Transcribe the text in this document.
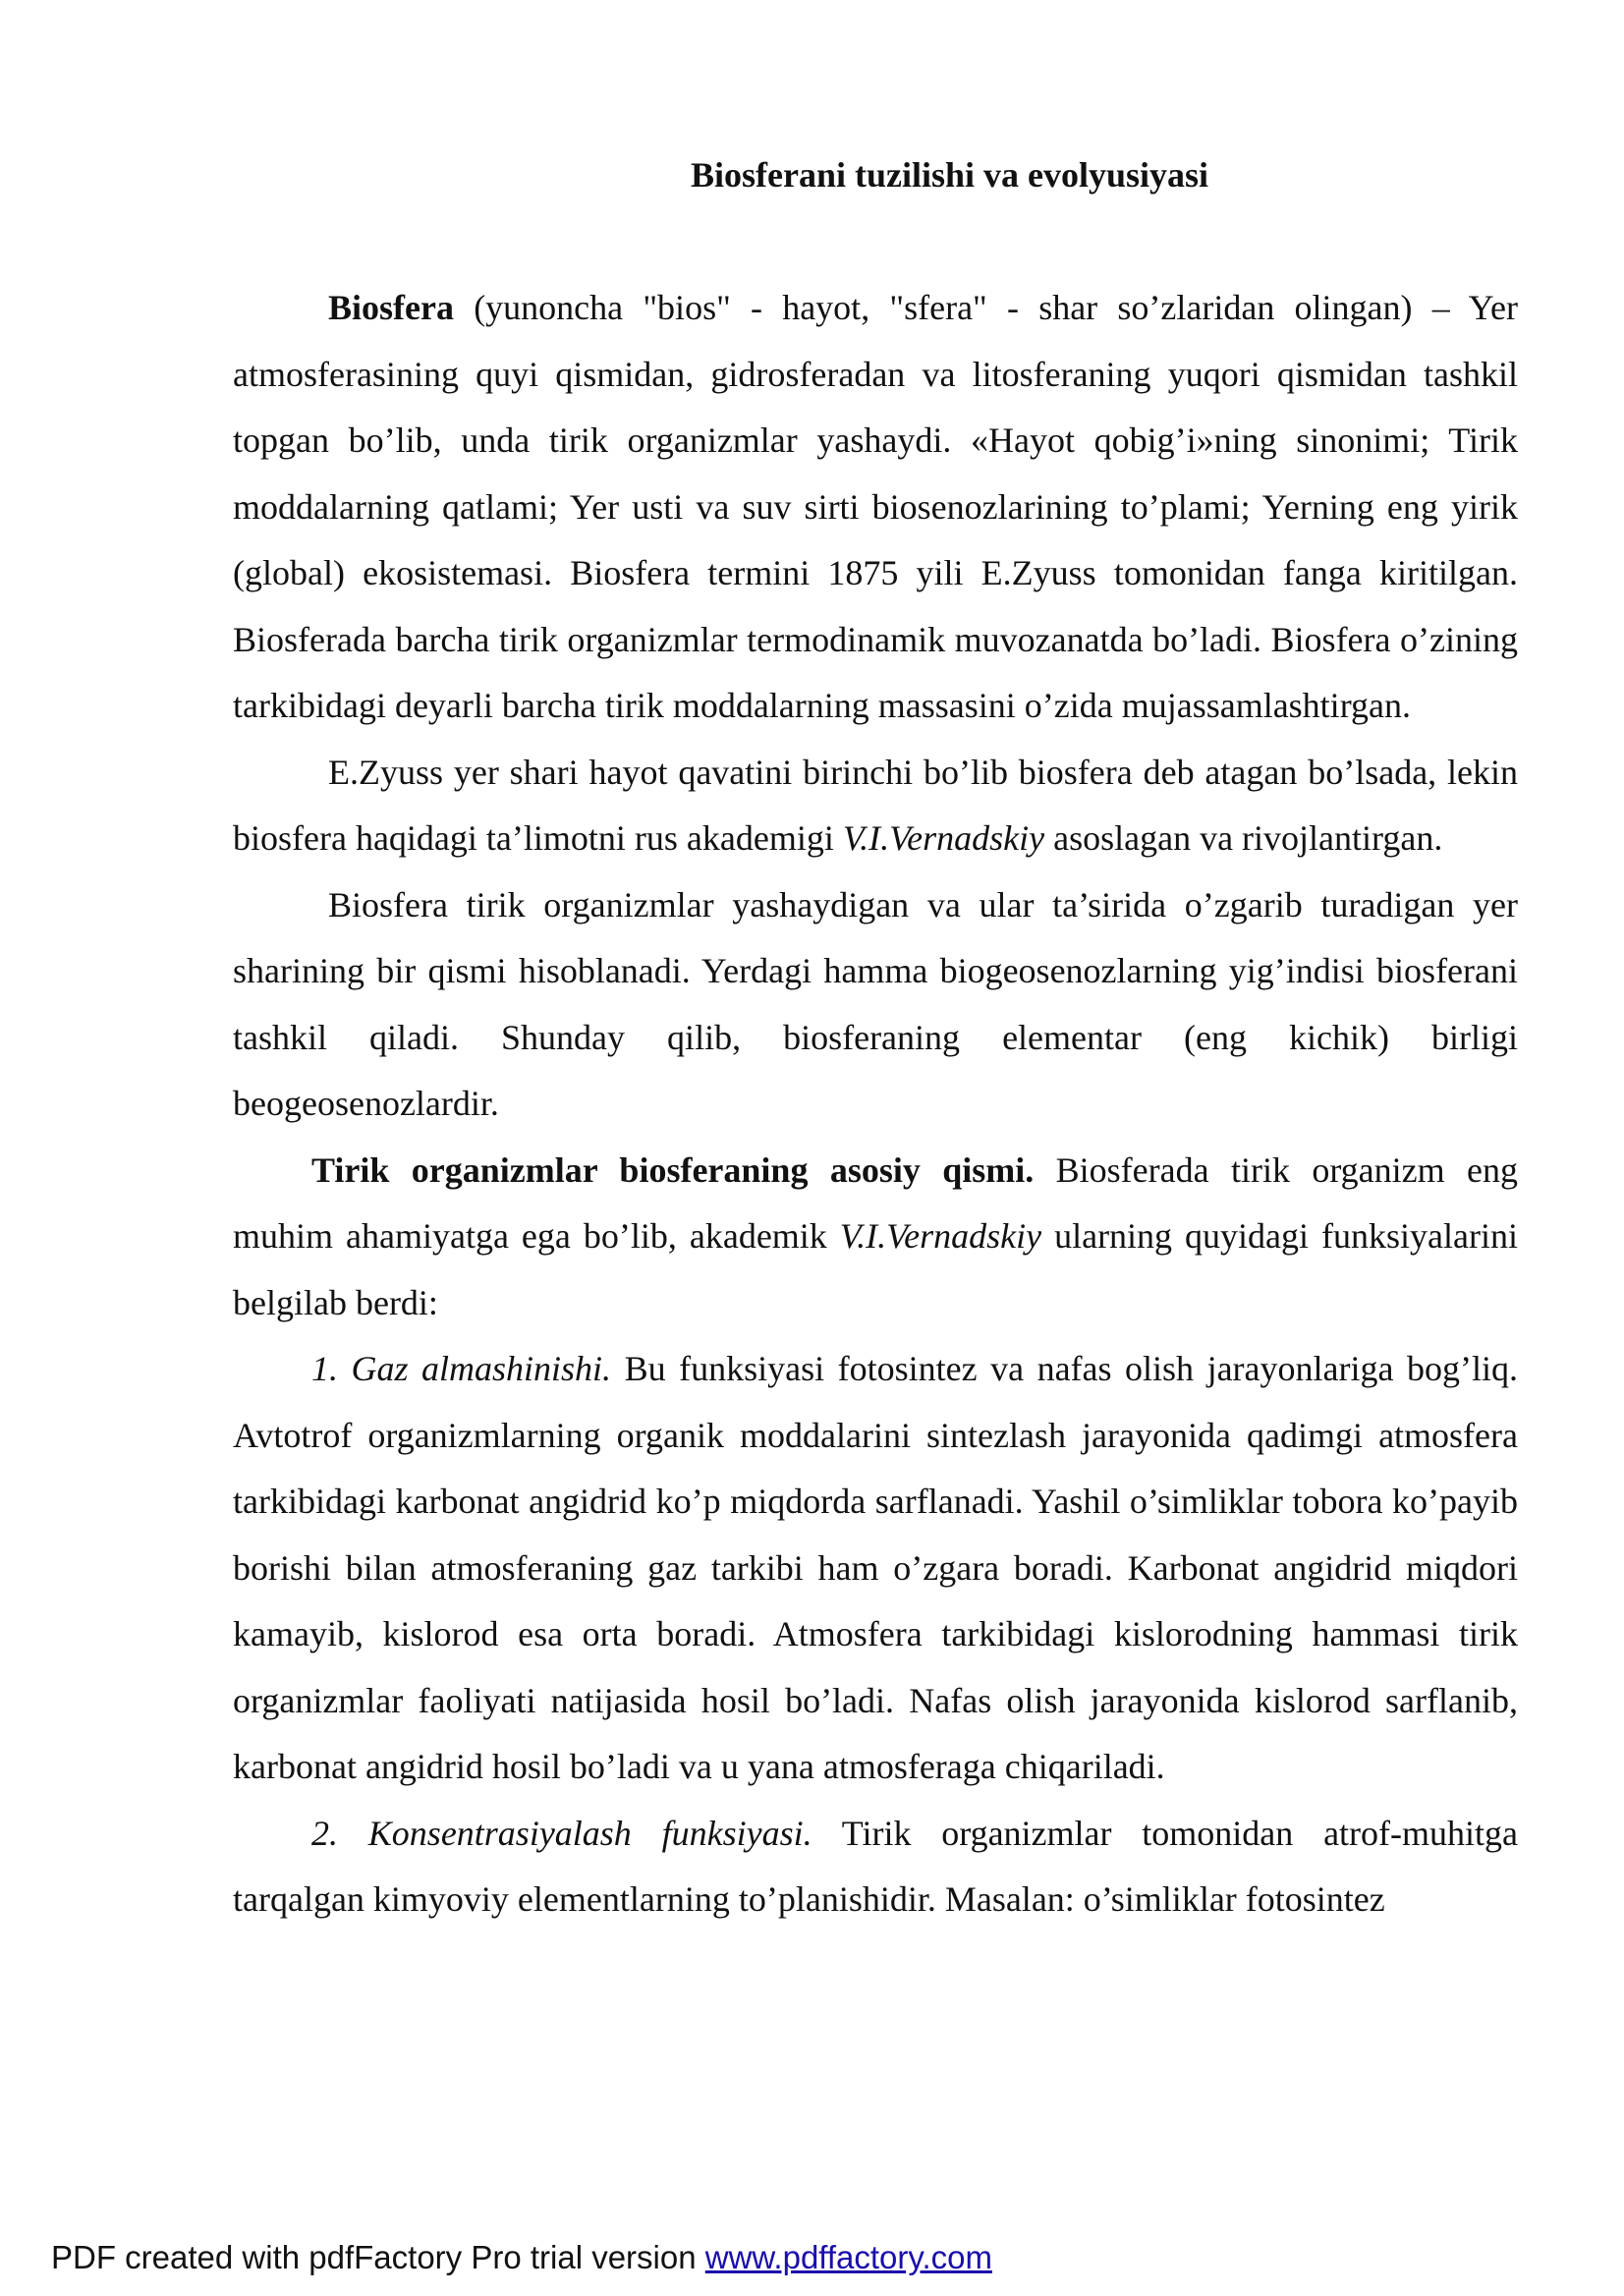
Biosferani tuzilishi va evolyusiyasi

Biosfera (yunoncha "bios" - hayot, "sfera" - shar so’zlaridan olingan) – Yer atmosferasining quyi qismidan, gidrosferadan va litosferaning yuqori qismidan tashkil topgan bo’lib, unda tirik organizmlar yashaydi. «Hayot qobig’i»ning sinonimi; Tirik moddalarning qatlami; Yer usti va suv sirti biosenozlarining to’plami; Yerning eng yirik (global) ekosistemasi. Biosfera termini 1875 yili E.Zyuss tomonidan fanga kiritilgan. Biosferada barcha tirik organizmlar termodinamik muvozanatda bo’ladi. Biosfera o’zining tarkibidagi deyarli barcha tirik moddalarning massasini o’zida mujassamlashtirgan.

E.Zyuss yer shari hayot qavatini birinchi bo’lib biosfera deb atagan bo’lsada, lekin biosfera haqidagi ta’limotni rus akademigi V.I.Vernadskiy asoslagan va rivojlantirgan.

Biosfera tirik organizmlar yashaydigan va ular ta’sirida o’zgarib turadigan yer sharining bir qismi hisoblanadi. Yerdagi hamma biogeosenozlarning yig’indisi biosferani tashkil qiladi. Shunday qilib, biosferaning elementar (eng kichik) birligi beogeosenozlardir.

Tirik organizmlar biosferaning asosiy qismi. Biosferada tirik organizm eng muhim ahamiyatga ega bo’lib, akademik V.I.Vernadskiy ularning quyidagi funksiyalarini belgilab berdi:

1. Gaz almashinishi. Bu funksiyasi fotosintez va nafas olish jarayonlariga bog’liq. Avtotrof organizmlarning organik moddalarini sintezlash jarayonida qadimgi atmosfera tarkibidagi karbonat angidrid ko’p miqdorda sarflanadi. Yashil o’simliklar tobora ko’payib borishi bilan atmosferaning gaz tarkibi ham o’zgara boradi. Karbonat angidrid miqdori kamayib, kislorod esa orta boradi. Atmosfera tarkibidagi kislorodning hammasi tirik organizmlar faoliyati natijasida hosil bo’ladi. Nafas olish jarayonida kislorod sarflanib, karbonat angidrid hosil bo’ladi va u yana atmosferaga chiqariladi.

2. Konsentrasiyalash funksiyasi. Tirik organizmlar tomonidan atrof-muhitga tarqalgan kimyoviy elementlarning to’planishidir. Masalan: o’simliklar fotosintez

PDF created with pdfFactory Pro trial version www.pdffactory.com
